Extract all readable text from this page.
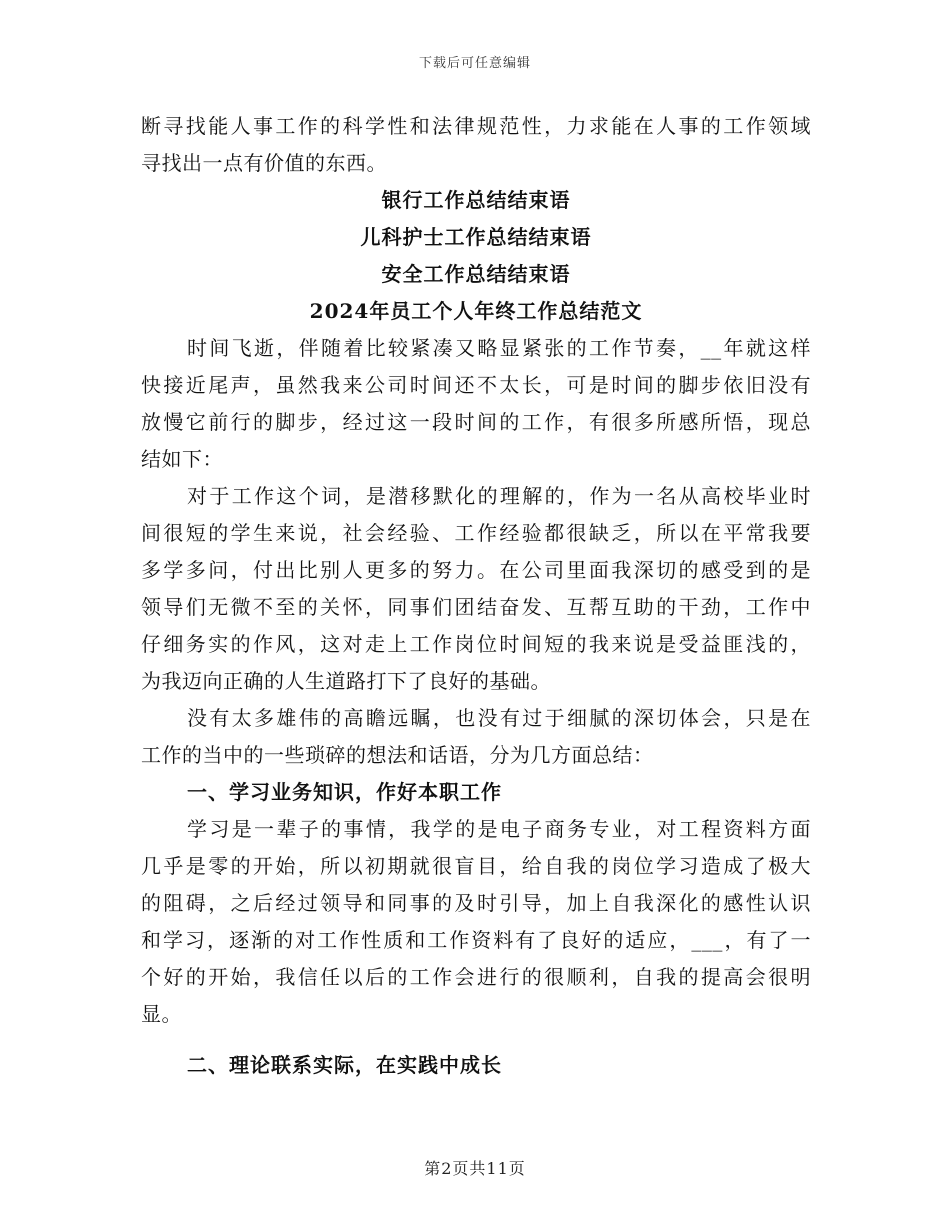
下载后可任意编辑
断寻找能人事工作的科学性和法律规范性，力求能在人事的工作领域
寻找出一点有价值的东西。
银行工作总结结束语
儿科护士工作总结结束语
安全工作总结结束语
2024年员工个人年终工作总结范文
时间飞逝，伴随着比较紧凑又略显紧张的工作节奏，__年就这样
快接近尾声，虽然我来公司时间还不太长，可是时间的脚步依旧没有
放慢它前行的脚步，经过这一段时间的工作，有很多所感所悟，现总
结如下：
对于工作这个词，是潜移默化的理解的，作为一名从高校毕业时
间很短的学生来说，社会经验、工作经验都很缺乏，所以在平常我要
多学多问，付出比别人更多的努力。在公司里面我深切的感受到的是
领导们无微不至的关怀，同事们团结奋发、互帮互助的干劲，工作中
仔细务实的作风，这对走上工作岗位时间短的我来说是受益匪浅的，
为我迈向正确的人生道路打下了良好的基础。
没有太多雄伟的高瞻远瞩，也没有过于细腻的深切体会，只是在
工作的当中的一些琐碎的想法和话语，分为几方面总结：
一、学习业务知识，作好本职工作
学习是一辈子的事情，我学的是电子商务专业，对工程资料方面
几乎是零的开始，所以初期就很盲目，给自我的岗位学习造成了极大
的阻碍，之后经过领导和同事的及时引导，加上自我深化的感性认识
和学习，逐渐的对工作性质和工作资料有了良好的适应，___，有了一
个好的开始，我信任以后的工作会进行的很顺利，自我的提高会很明
显。
二、理论联系实际，在实践中成长
第2页共11页
